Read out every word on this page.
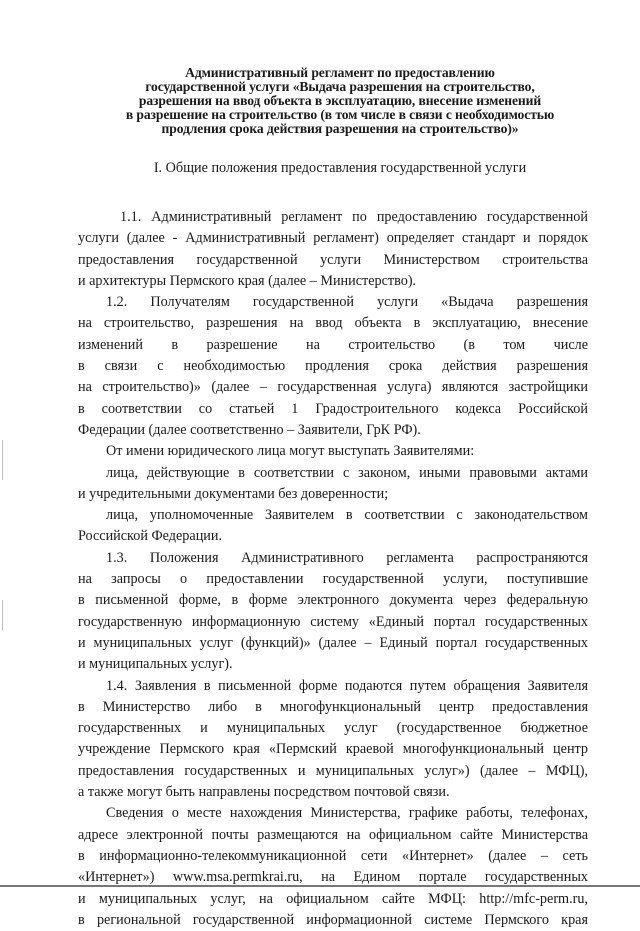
Административный регламент по предоставлению
государственной услуги «Выдача разрешения на строительство,
разрешения на ввод объекта в эксплуатацию, внесение изменений
в разрешение на строительство (в том числе в связи с необходимостью
продления срока действия разрешения на строительство)»
I. Общие положения предоставления государственной услуги
1.1. Административный регламент по предоставлению государственной
услуги (далее - Административный регламент) определяет стандарт и порядок
предоставления государственной услуги Министерством строительства
и архитектуры Пермского края (далее – Министерство).
1.2. Получателям государственной услуги «Выдача разрешения
на строительство, разрешения на ввод объекта в эксплуатацию, внесение
изменений в разрешение на строительство (в том числе
в связи с необходимостью продления срока действия разрешения
на строительство)» (далее – государственная услуга) являются застройщики
в соответствии со статьей 1 Градостроительного кодекса Российской
Федерации (далее соответственно – Заявители, ГрК РФ).
От имени юридического лица могут выступать Заявителями:
лица, действующие в соответствии с законом, иными правовыми актами
и учредительными документами без доверенности;
лица, уполномоченные Заявителем в соответствии с законодательством
Российской Федерации.
1.3. Положения Административного регламента распространяются
на запросы о предоставлении государственной услуги, поступившие
в письменной форме, в форме электронного документа через федеральную
государственную информационную систему «Единый портал государственных
и муниципальных услуг (функций)» (далее – Единый портал государственных
и муниципальных услуг).
1.4. Заявления в письменной форме подаются путем обращения Заявителя
в Министерство либо в многофункциональный центр предоставления
государственных и муниципальных услуг (государственное бюджетное
учреждение Пермского края «Пермский краевой многофункциональный центр
предоставления государственных и муниципальных услуг») (далее – МФЦ),
а также могут быть направлены посредством почтовой связи.
Сведения о месте нахождения Министерства, графике работы, телефонах,
адресе электронной почты размещаются на официальном сайте Министерства
в информационно-телекоммуникационной сети «Интернет» (далее – сеть
«Интернет») www.msa.permkrai.ru, на Едином портале государственных
и муниципальных услуг, на официальном сайте МФЦ: http://mfc-perm.ru,
в региональной государственной информационной системе Пермского края
